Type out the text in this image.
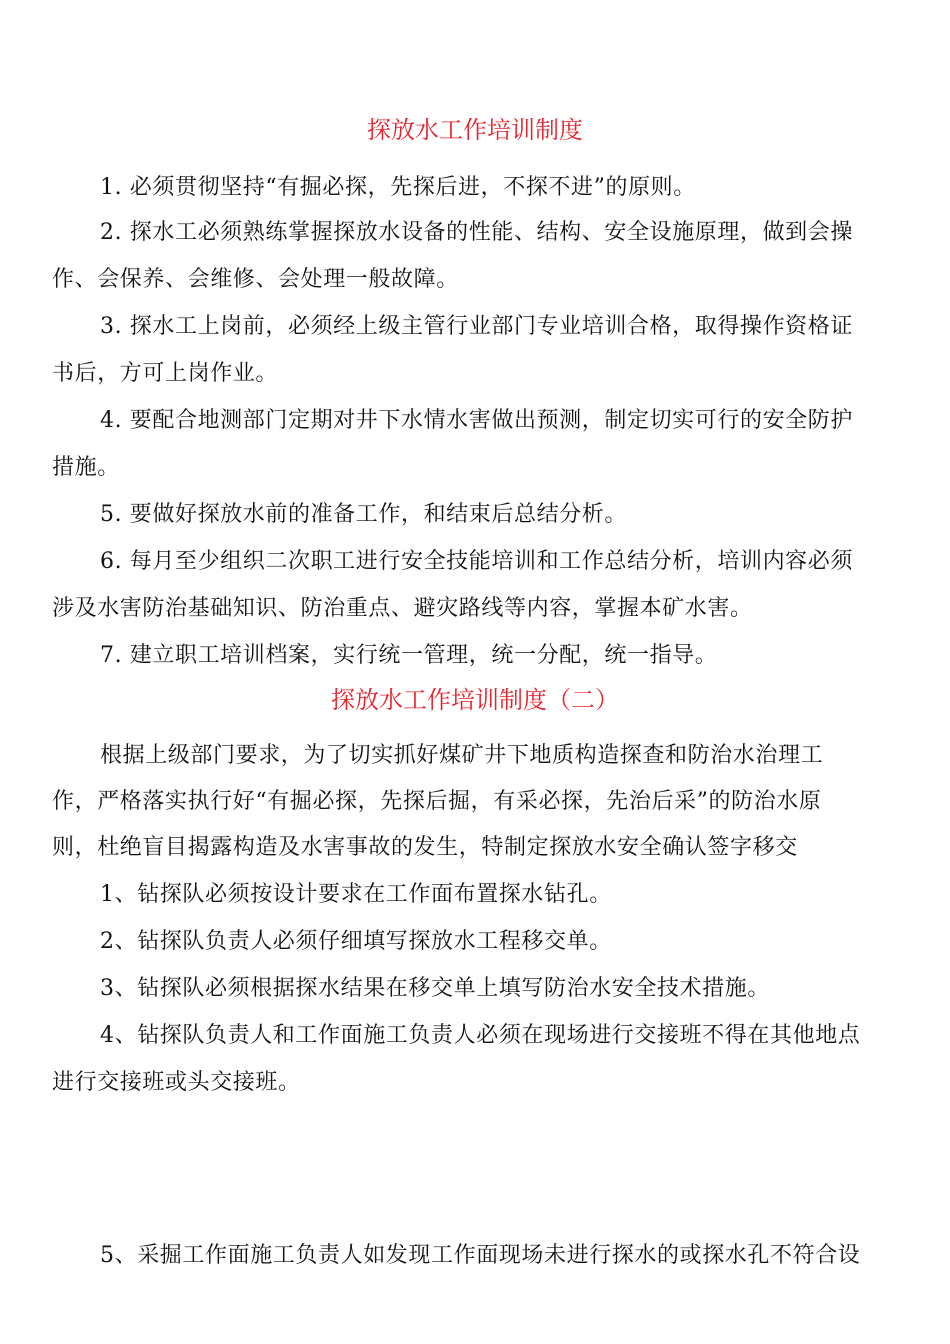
探放水工作培训制度
1. 必须贯彻坚持“有掘必探，先探后进，不探不进”的原则。
2. 探水工必须熟练掌握探放水设备的性能、结构、安全设施原理，做到会操
作、会保养、会维修、会处理一般故障。
3. 探水工上岗前，必须经上级主管行业部门专业培训合格，取得操作资格证
书后，方可上岗作业。
4. 要配合地测部门定期对井下水情水害做出预测，制定切实可行的安全防护
措施。
5. 要做好探放水前的准备工作，和结束后总结分析。
6. 每月至少组织二次职工进行安全技能培训和工作总结分析，培训内容必须
涉及水害防治基础知识、防治重点、避灾路线等内容，掌握本矿水害。
7. 建立职工培训档案，实行统一管理，统一分配，统一指导。
探放水工作培训制度（二）
根据上级部门要求，为了切实抓好煤矿井下地质构造探查和防治水治理工
作，严格落实执行好“有掘必探，先探后掘，有采必探，先治后采”的防治水原
则，杜绝盲目揭露构造及水害事故的发生，特制定探放水安全确认签字移交
1、钻探队必须按设计要求在工作面布置探水钻孔。
2、钻探队负责人必须仔细填写探放水工程移交单。
3、钻探队必须根据探水结果在移交单上填写防治水安全技术措施。
4、钻探队负责人和工作面施工负责人必须在现场进行交接班不得在其他地点
进行交接班或头交接班。
5、采掘工作面施工负责人如发现工作面现场未进行探水的或探水孔不符合设
